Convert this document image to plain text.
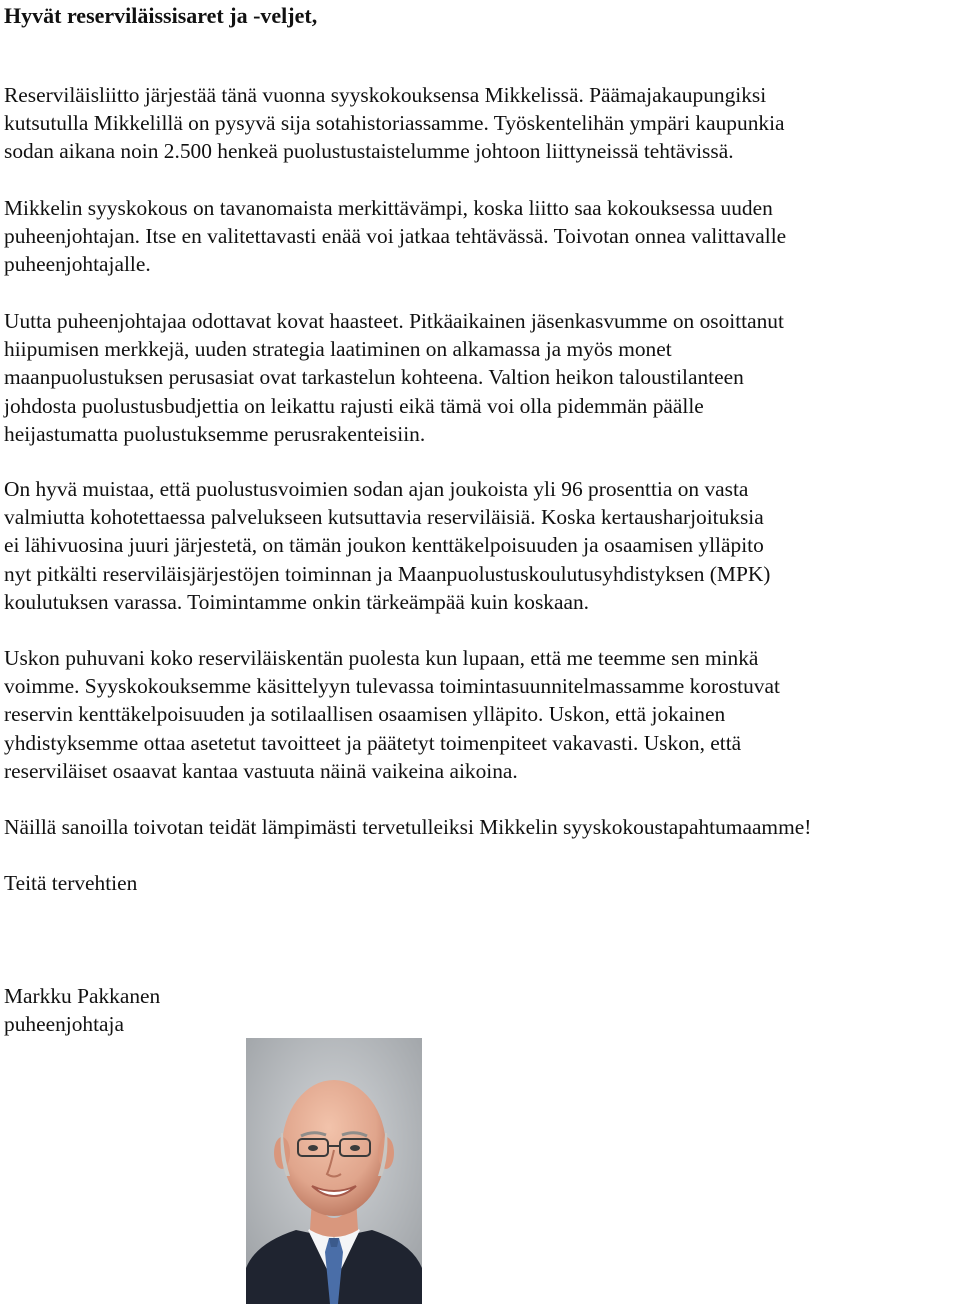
Hyvät reserviläissisaret ja -veljet,

Reserviläisliitto järjestää tänä vuonna syyskokouksensa Mikkelissä. Päämajakaupungiksi
kutsutulla Mikkelillä on pysyvä sija sotahistoriassamme. Työskentelihän ympäri kaupunkia
sodan aikana noin 2.500 henkeä puolustustaistelumme johtoon liittyneissä tehtävissä.

Mikkelin syyskokous on tavanomaista merkittävämpi, koska liitto saa kokouksessa uuden
puheenjohtajan. Itse en valitettavasti enää voi jatkaa tehtävässä. Toivotan onnea valittavalle
puheenjohtajalle.

Uutta puheenjohtajaa odottavat kovat haasteet. Pitkäaikainen jäsenkasvumme on osoittanut
hiipumisen merkkejä, uuden strategia laatiminen on alkamassa ja myös monet
maanpuolustuksen perusasiat ovat tarkastelun kohteena. Valtion heikon taloustilanteen
johdosta puolustusbudjettia on leikattu rajusti eikä tämä voi olla pidemmän päälle
heijastumatta puolustuksemme perusrakenteisiin.

On hyvä muistaa, että puolustusvoimien sodan ajan joukoista yli 96 prosenttia on vasta
valmiutta kohotettaessa palvelukseen kutsuttavia reserviläisiä. Koska kertausharjoituksia
ei lähivuosina juuri järjestetä, on tämän joukon kenttäkelpoisuuden ja osaamisen ylläpito
nyt pitkälti reserviläisjärjestöjen toiminnan ja Maanpuolustuskoulutusyhdistyksen (MPK)
koulutuksen varassa. Toimintamme onkin tärkeämpää kuin koskaan.

Uskon puhuvani koko reserviläiskentän puolesta kun lupaan, että me teemme sen minkä
voimme. Syyskokouksemme käsittelyyn tulevassa toimintasuunnitelmassamme korostuvat
reservin kenttäkelpoisuuden ja sotilaallisen osaamisen ylläpito. Uskon, että jokainen
yhdistyksemme ottaa asetetut tavoitteet ja päätetyt toimenpiteet vakavasti. Uskon, että
reserviläiset osaavat kantaa vastuuta näinä vaikeina aikoina.

Näillä sanoilla toivotan teidät lämpimästi tervetulleiksi Mikkelin syyskokoustapahtumaamme!

Teitä tervehtien

Markku Pakkanen

puheenjohtaja
